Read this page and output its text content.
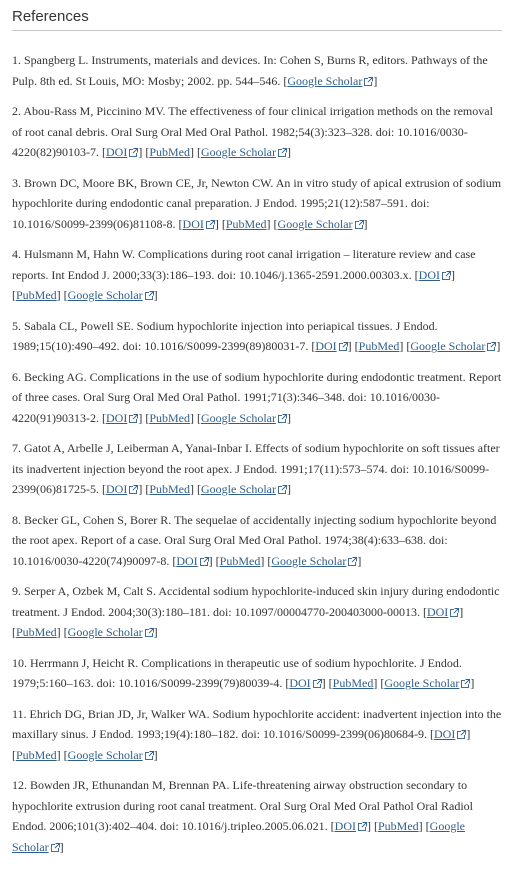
References
1. Spangberg L. Instruments, materials and devices. In: Cohen S, Burns R, editors. Pathways of the Pulp. 8th ed. St Louis, MO: Mosby; 2002. pp. 544–546. [Google Scholar ]
2. Abou-Rass M, Piccinino MV. The effectiveness of four clinical irrigation methods on the removal of root canal debris. Oral Surg Oral Med Oral Pathol. 1982;54(3):323–328. doi: 10.1016/0030-4220(82)90103-7. [DOI ] [PubMed] [Google Scholar ]
3. Brown DC, Moore BK, Brown CE, Jr, Newton CW. An in vitro study of apical extrusion of sodium hypochlorite during endodontic canal preparation. J Endod. 1995;21(12):587–591. doi: 10.1016/S0099-2399(06)81108-8. [DOI ] [PubMed] [Google Scholar ]
4. Hulsmann M, Hahn W. Complications during root canal irrigation – literature review and case reports. Int Endod J. 2000;33(3):186–193. doi: 10.1046/j.1365-2591.2000.00303.x. [DOI ] [PubMed] [Google Scholar ]
5. Sabala CL, Powell SE. Sodium hypochlorite injection into periapical tissues. J Endod. 1989;15(10):490–492. doi: 10.1016/S0099-2399(89)80031-7. [DOI ] [PubMed] [Google Scholar ]
6. Becking AG. Complications in the use of sodium hypochlorite during endodontic treatment. Report of three cases. Oral Surg Oral Med Oral Pathol. 1991;71(3):346–348. doi: 10.1016/0030-4220(91)90313-2. [DOI ] [PubMed] [Google Scholar ]
7. Gatot A, Arbelle J, Leiberman A, Yanai-Inbar I. Effects of sodium hypochlorite on soft tissues after its inadvertent injection beyond the root apex. J Endod. 1991;17(11):573–574. doi: 10.1016/S0099-2399(06)81725-5. [DOI ] [PubMed] [Google Scholar ]
8. Becker GL, Cohen S, Borer R. The sequelae of accidentally injecting sodium hypochlorite beyond the root apex. Report of a case. Oral Surg Oral Med Oral Pathol. 1974;38(4):633–638. doi: 10.1016/0030-4220(74)90097-8. [DOI ] [PubMed] [Google Scholar ]
9. Serper A, Ozbek M, Calt S. Accidental sodium hypochlorite-induced skin injury during endodontic treatment. J Endod. 2004;30(3):180–181. doi: 10.1097/00004770-200403000-00013. [DOI ] [PubMed] [Google Scholar ]
10. Herrmann J, Heicht R. Complications in therapeutic use of sodium hypochlorite. J Endod. 1979;5:160–163. doi: 10.1016/S0099-2399(79)80039-4. [DOI ] [PubMed] [Google Scholar ]
11. Ehrich DG, Brian JD, Jr, Walker WA. Sodium hypochlorite accident: inadvertent injection into the maxillary sinus. J Endod. 1993;19(4):180–182. doi: 10.1016/S0099-2399(06)80684-9. [DOI ] [PubMed] [Google Scholar ]
12. Bowden JR, Ethunandan M, Brennan PA. Life-threatening airway obstruction secondary to hypochlorite extrusion during root canal treatment. Oral Surg Oral Med Oral Pathol Oral Radiol Endod. 2006;101(3):402–404. doi: 10.1016/j.tripleo.2005.06.021. [DOI ] [PubMed] [Google Scholar ]
